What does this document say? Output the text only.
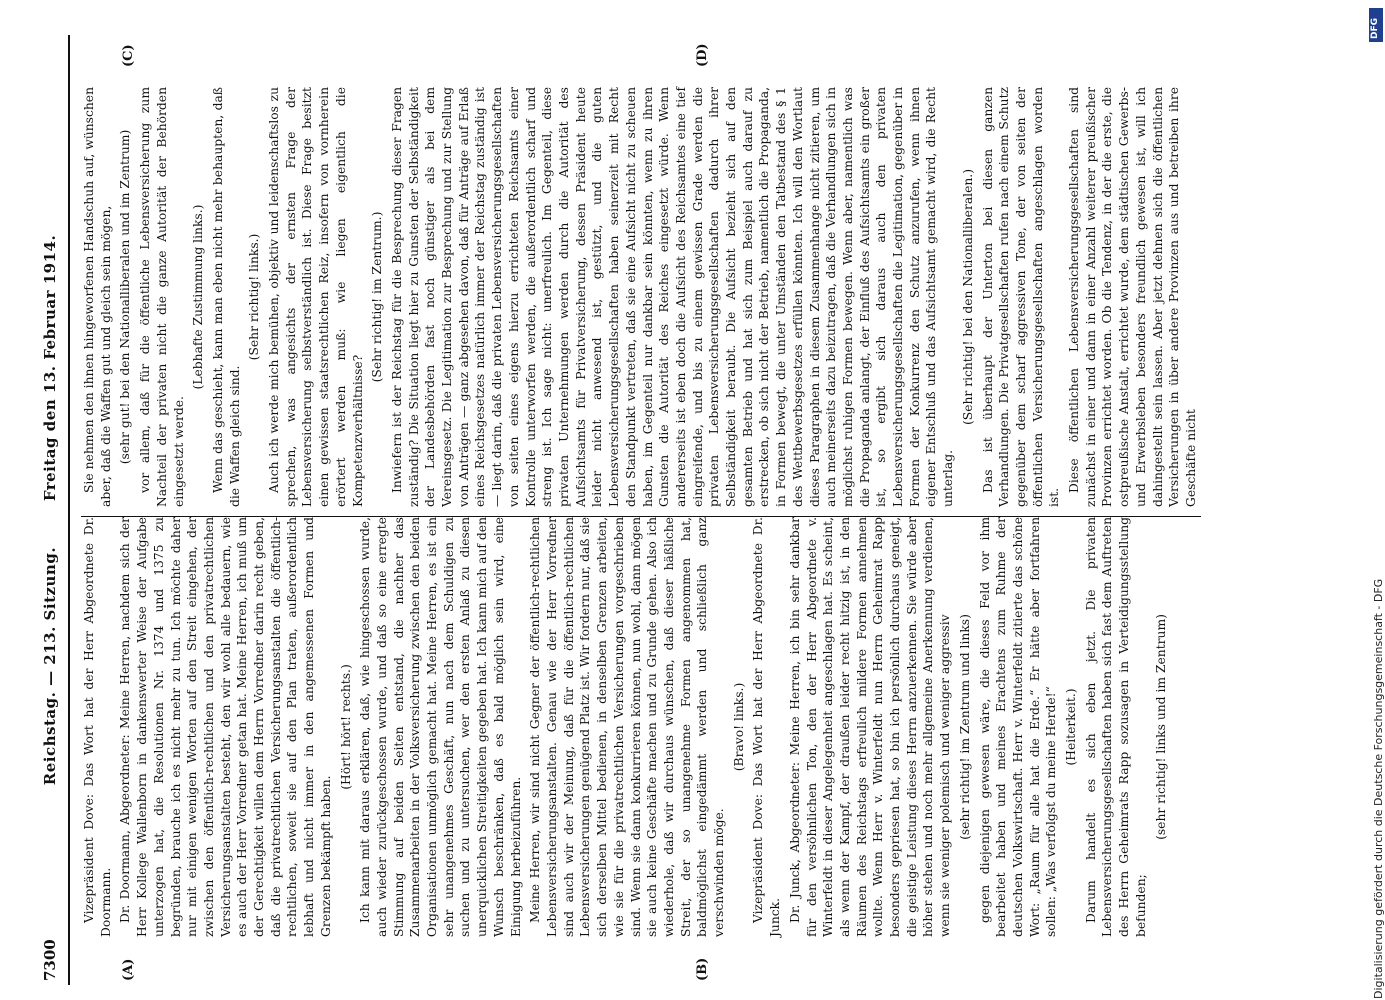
7300
Reichstag. — 213. Sitzung.        Freitag den 13. Februar 1914.
(A)	(B)
(C)	(D)

Vizepräsident Dove: Das Wort hat der Herr Abgeordnete Dr. Doormann. Dr. Doormann, Abgeordneter: Meine Herren, nachdem sich der Herr Kollege Wallenborn in dankenswerter Weise der Aufgabe unterzogen hat, die Resolutionen Nr. 1374 und 1375 zu begründen, brauche ich es nicht mehr zu tun. Ich möchte daher nur mit einigen wenigen Worten auf den Streit eingehen, der zwischen den öffentlich-rechtlichen und den privatrechtlichen Versicherungsanstalten besteht, den wir wohl alle bedauern, wie es auch der Herr Vorredner getan hat. Meine Herren, ich muß um der Gerechtigkeit willen dem Herrn Vorredner darin recht geben, daß die privatrechtlichen Versicherungsanstalten die öffentlich-rechtlichen, soweit sie auf den Plan traten, außerordentlich lebhaft und nicht immer in den angemessenen Formen und Grenzen bekämpft haben.

(Hört! hört! rechts.) Ich kann mit daraus erklären, daß, wie hingeschossen wurde, auch wieder zurückgeschossen wurde, und daß so eine erregte Stimmung auf beiden Seiten entstand, die nachher das Zusammenarbeiten in der Volksversicherung zwischen den beiden Organisationen unmöglich gemacht hat. Meine Herren, es ist ein sehr unangenehmes Geschäft, nun nach dem Schuldigen zu suchen und zu untersuchen, wer den ersten Anlaß zu diesen unerquicklichen Streitigkeiten gegeben hat. Ich kann mich auf den Wunsch beschränken, daß es bald möglich sein wird, eine Einigung herbeizuführen. Meine Herren, wir sind nicht Gegner der öffentlich-rechtlichen Lebensversicherungsanstalten. Genau wie der Herr Vorredner sind auch wir der Meinung, daß für die öffentlich-rechtlichen Lebensversicherungen genügend Platz ist. Wir fordern nur, daß sie sich derselben Mittel bedienen, in denselben Grenzen arbeiten, wie sie für die privatrechtlichen Versicherungen vorgeschrieben sind. Wenn sie dann konkurrieren können, nun wohl, dann mögen sie auch keine Geschäfte machen und zu Grunde gehen. Also ich wiederhole, daß wir durchaus wünschen, daß dieser häßliche Streit, der so unangenehme Formen angenommen hat, baldmöglichst eingedämmt werden und schließlich ganz verschwinden möge.

(Bravo! links.) Vizepräsident Dove: Das Wort hat der Herr Abgeordnete Dr. Junck. Dr. Junck, Abgeordneter: Meine Herren, ich bin sehr dankbar für den versöhnlichen Ton, den der Herr Abgeordnete v. Winterfeldt in dieser Angelegenheit angeschlagen hat. Es scheint, als wenn der Kampf, der draußen leider recht hitzig ist, in den Räumen des Reichstags erfreulich mildere Formen annehmen wollte. Wenn Herr v. Winterfeldt nun Herrn Geheimrat Rapp besonders gepriesen hat, so bin ich persönlich durchaus geneigt, die geistige Leistung dieses Herrn anzuerkennen. Sie würde aber höher stehen und noch mehr allgemeine Anerkennung verdienen, wenn sie weniger polemisch und weniger aggressiv (sehr richtig! im Zentrum und links) gegen diejenigen gewesen wäre, die dieses Feld vor ihm bearbeitet haben und meines Erachtens zum Ruhme der deutschen Volkswirtschaft. Herr v. Winterfeldt zitierte das schöne Wort: „Raum für alle hat die Erde.“ Er hätte aber fortfahren sollen: „Was verfolgst du meine Herde!“ (Heiterkeit.) Darum handelt es sich eben jetzt. Die privaten Lebensversicherungsgesellschaften haben sich fast dem Auftreten des Herrn Geheimrats Rapp sozusagen in Verteidigungsstellung befunden;

(sehr richtig! links und im Zentrum)

Sie nehmen den ihnen hingeworfenen Handschuh auf, wünschen aber, daß die Waffen gut und gleich sein mögen, (sehr gut! bei den Nationalliberalen und im Zentrum) vor allem, daß für die öffentliche Lebensversicherung zum Nachteil der privaten nicht die ganze Autorität der Behörden eingesetzt werde.

(Lebhafte Zustimmung links.) Wenn das geschieht, kann man eben nicht mehr behaupten, daß die Waffen gleich sind.

(Sehr richtig! links.) Auch ich werde mich bemühen, objektiv und leidenschaftslos zu sprechen, was angesichts der ernsten Frage der Lebensversicherung selbstverständlich ist. Diese Frage besitzt einen gewissen staatsrechtlichen Reiz, insofern von vornherein erörtert werden muß: wie liegen eigentlich die Kompetenzverhältnisse?

(Sehr richtig! im Zentrum.) Inwiefern ist der Reichstag für die Besprechung dieser Fragen zuständig? Die Situation liegt hier zu Gunsten der Selbständigkeit der Landesbehörden fast noch günstiger als bei dem Vereinsgesetz. Die Legitimation zur Besprechung und zur Stellung von Anträgen — ganz abgesehen davon, daß für Anträge auf Erlaß eines Reichsgesetzes natürlich immer der Reichstag zuständig ist — liegt darin, daß die privaten Lebensversicherungsgesellschaften von seiten eines eigens hierzu errichteten Reichsamts einer Kontrolle unterworfen werden, die außerordentlich scharf und streng ist. Ich sage nicht: unerfreulich. Im Gegenteil, diese privaten Unternehmungen werden durch die Autorität des Aufsichtsamts für Privatversicherung, dessen Präsident heute leider nicht anwesend ist, gestützt, und die guten Lebensversicherungsgesellschaften haben seinerzeit mit Recht den Standpunkt vertreten, daß sie eine Aufsicht nicht zu scheuen haben, im Gegenteil nur dankbar sein könnten, wenn zu ihren Gunsten die Autorität des Reiches eingesetzt würde. Wenn andererseits ist eben doch die Aufsicht des Reichsamtes eine tief eingreifende, und bis zu einem gewissen Grade werden die privaten Lebensversicherungsgesellschaften dadurch ihrer Selbständigkeit beraubt. Die Aufsicht bezieht sich auf den gesamten Betrieb und hat sich zum Beispiel auch darauf zu erstrecken, ob sich nicht der Betrieb, namentlich die Propaganda, in Formen bewegt, die unter Umständen den Tatbestand des § 1 des Wettbewerbsgesetzes erfüllen könnten. Ich will den Wortlaut dieses Paragraphen in diesem Zusammenhange nicht zitieren, um auch meinerseits dazu beizutragen, daß die Verhandlungen sich in möglichst ruhigen Formen bewegen. Wenn aber, namentlich was die Propaganda anlangt, der Einfluß des Aufsichtsamts ein großer ist, so ergibt sich daraus auch den privaten Lebensversicherungsgesellschaften die Legitimation, gegenüber in Formen der Konkurrenz den Schutz anzurufen, wenn ihnen eigener Entschluß und das Aufsichtsamt gemacht wird, die Recht unterlag.

(Sehr richtig! bei den Nationalliberalen.) Das ist überhaupt der Unterton bei diesen ganzen Verhandlungen. Die Privatgesellschaften rufen nach einem Schutz gegenüber dem scharf aggressiven Tone, der von seiten der öffentlichen Versicherungsgesellschaften angeschlagen worden ist.

Diese öffentlichen Lebensversicherungsgesellschaften sind zunächst in einer und dann in einer Anzahl weiterer preußischer Provinzen errichtet worden. Ob die Tendenz, in der die erste, die ostpreußische Anstalt, errichtet wurde, dem städtischen Gewerbs- und Erwerbsleben besonders freundlich gewesen ist, will ich dahingestellt sein lassen. Aber jetzt dehnen sich die öffentlichen Versicherungen in über andere Provinzen aus und betreiben ihre Geschäfte nicht

Digitalisierung gefördert durch die Deutsche Forschungsgemeinschaft - DFG
DFG
